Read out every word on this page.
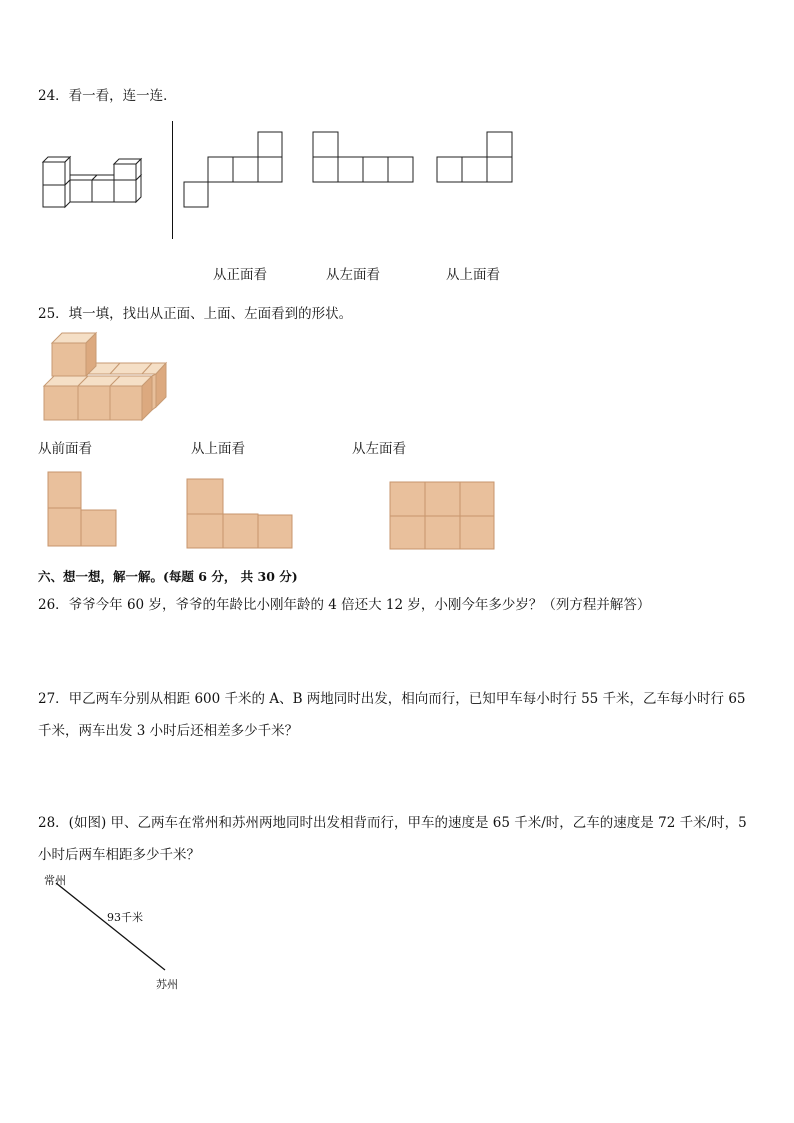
24．看一看，连一连．
从正面看	从左面看	从上面看
25．填一填，找出从正面、上面、左面看到的形状。
从前面看	从上面看	从左面看
六、想一想，解一解。(每题 6 分， 共 30 分)
26．爷爷今年 60 岁，爷爷的年龄比小刚年龄的 4 倍还大 12 岁，小刚今年多少岁？（列方程并解答）
27．甲乙两车分别从相距 600 千米的 A、B 两地同时出发，相向而行，已知甲车每小时行 55 千米，乙车每小时行 65
千米，两车出发 3 小时后还相差多少千米？
28．(如图) 甲、乙两车在常州和苏州两地同时出发相背而行，甲车的速度是 65 千米/时，乙车的速度是 72 千米/时，5
小时后两车相距多少千米？
常州
93千米
苏州
